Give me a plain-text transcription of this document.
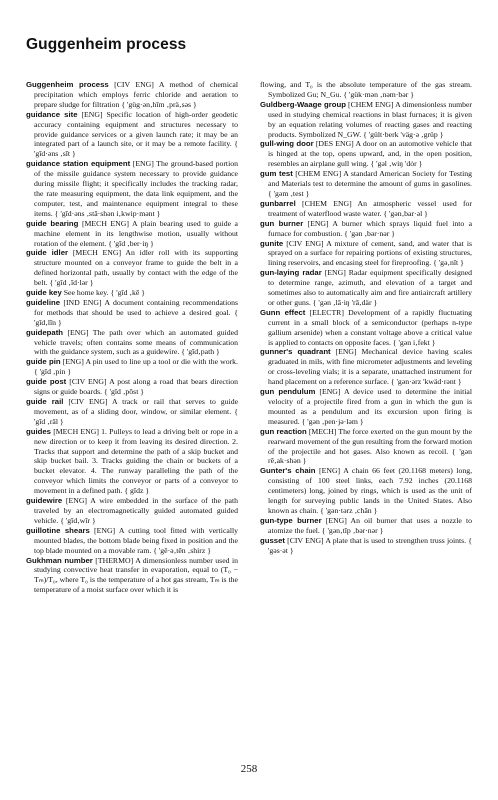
Guggenheim process

Guggenheim process [CIV ENG] A method of chemical precipitation which employs ferric chloride and aeration to prepare sludge for filtration { 'güg·ən‚hīm ‚prä‚səs }

guidance site [ENG] Specific location of high-order geodetic accuracy containing equipment and structures necessary to provide guidance services or a given launch rate; it may be an integrated part of a launch site, or it may be a remote facility. { 'gīd·əns ‚sīt }

guidance station equipment [ENG] The ground-based portion of the missile guidance system necessary to provide guidance during missile flight; it specifically includes the tracking radar, the rate measuring equipment, the data link equipment, and the computer, test, and maintenance equipment integral to these items. { 'gīd·əns ‚stā·shən i‚kwip·mənt }

guide bearing [MECH ENG] A plain bearing used to guide a machine element in its lengthwise motion, usually without rotation of the element. { 'gīd ‚ber·iŋ }

guide idler [MECH ENG] An idler roll with its supporting structure mounted on a conveyor frame to guide the belt in a defined horizontal path, usually by contact with the edge of the belt. { 'gīd ‚īd·lər }

guide key See home key. { 'gīd ‚kē }

guideline [IND ENG] A document containing recommendations for methods that should be used to achieve a desired goal. { 'gīd‚līn }

guidepath [ENG] The path over which an automated guided vehicle travels; often contains some means of communication with the guidance system, such as a guidewire. { 'gīd‚path }

guide pin [ENG] A pin used to line up a tool or die with the work. { 'gīd ‚pin }

guide post [CIV ENG] A post along a road that bears direction signs or guide boards. { 'gīd ‚pōst }

guide rail [CIV ENG] A track or rail that serves to guide movement, as of a sliding door, window, or similar element. { 'gīd ‚rāl }

guides [MECH ENG] 1. Pulleys to lead a driving belt or rope in a new direction or to keep it from leaving its desired direction. 2. Tracks that support and determine the path of a skip bucket and skip bucket bail. 3. Tracks guiding the chain or buckets of a bucket elevator. 4. The runway paralleling the path of the conveyor which limits the conveyor or parts of a conveyor to movement in a defined path. { gīdz }

guidewire [ENG] A wire embedded in the surface of the path traveled by an electromagnetically guided automated guided vehicle. { 'gīd‚wīr }

guillotine shears [ENG] A cutting tool fitted with vertically mounted blades, the bottom blade being fixed in position and the top blade mounted on a movable ram. { 'gē·ə‚tēn ‚shirz }

Gukhman number [THERMO] A dimensionless number used in studying convective heat transfer in evaporation, equal to (T₀ − Tₘ)/T₀, where T₀ is the temperature of a hot gas stream, Tₘ is the temperature of a moist surface over which it is

flowing, and T₀ is the absolute temperature of the gas stream. Symbolized Gu; N_Gu. { 'gük·mən ‚nəm·bər }

Guldberg-Waage group [CHEM ENG] A dimensionless number used in studying chemical reactions in blast furnaces; it is given by an equation relating volumes of reacting gases and reacting products. Symbolized N_GW. { 'gült·berk 'väg·ə ‚grüp }

gull-wing door [DES ENG] A door on an automotive vehicle that is hinged at the top, opens upward, and, in the open position, resembles an airplane gull wing. { 'gəl ‚wiŋ 'dȯr }

gum test [CHEM ENG] A standard American Society for Testing and Materials test to determine the amount of gums in gasolines. { 'gəm ‚test }

gunbarrel [CHEM ENG] An atmospheric vessel used for treatment of waterflood waste water. { 'gən‚bar·əl }

gun burner [ENG] A burner which sprays liquid fuel into a furnace for combustion. { 'gən ‚bər·nər }

gunite [CIV ENG] A mixture of cement, sand, and water that is sprayed on a surface for repairing portions of existing structures, lining reservoirs, and encasing steel for fireproofing. { 'gə‚nīt }

gun-laying radar [ENG] Radar equipment specifically designed to determine range, azimuth, and elevation of a target and sometimes also to automatically aim and fire antiaircraft artillery or other guns. { 'gən ‚lā·iŋ 'rā‚där }

Gunn effect [ELECTR] Development of a rapidly fluctuating current in a small block of a semiconductor (perhaps n-type gallium arsenide) when a constant voltage above a critical value is applied to contacts on opposite faces. { 'gən i‚fekt }

gunner's quadrant [ENG] Mechanical device having scales graduated in mils, with fine micrometer adjustments and leveling or cross-leveling vials; it is a separate, unattached instrument for hand placement on a reference surface. { 'gən·ərz 'kwäd·rənt }

gun pendulum [ENG] A device used to determine the initial velocity of a projectile fired from a gun in which the gun is mounted as a pendulum and its excursion upon firing is measured. { 'gən ‚pen·jə·ləm }

gun reaction [MECH] The force exerted on the gun mount by the rearward movement of the gun resulting from the forward motion of the projectile and hot gases. Also known as recoil. { 'gən rē‚ak·shən }

Gunter's chain [ENG] A chain 66 feet (20.1168 meters) long, consisting of 100 steel links, each 7.92 inches (20.1168 centimeters) long, joined by rings, which is used as the unit of length for surveying public lands in the United States. Also known as chain. { 'gən·tərz ‚chān }

gun-type burner [ENG] An oil burner that uses a nozzle to atomize the fuel. { 'gən‚tīp ‚bər·nər }

gusset [CIV ENG] A plate that is used to strengthen truss joints. { 'gəs·ət }

258
